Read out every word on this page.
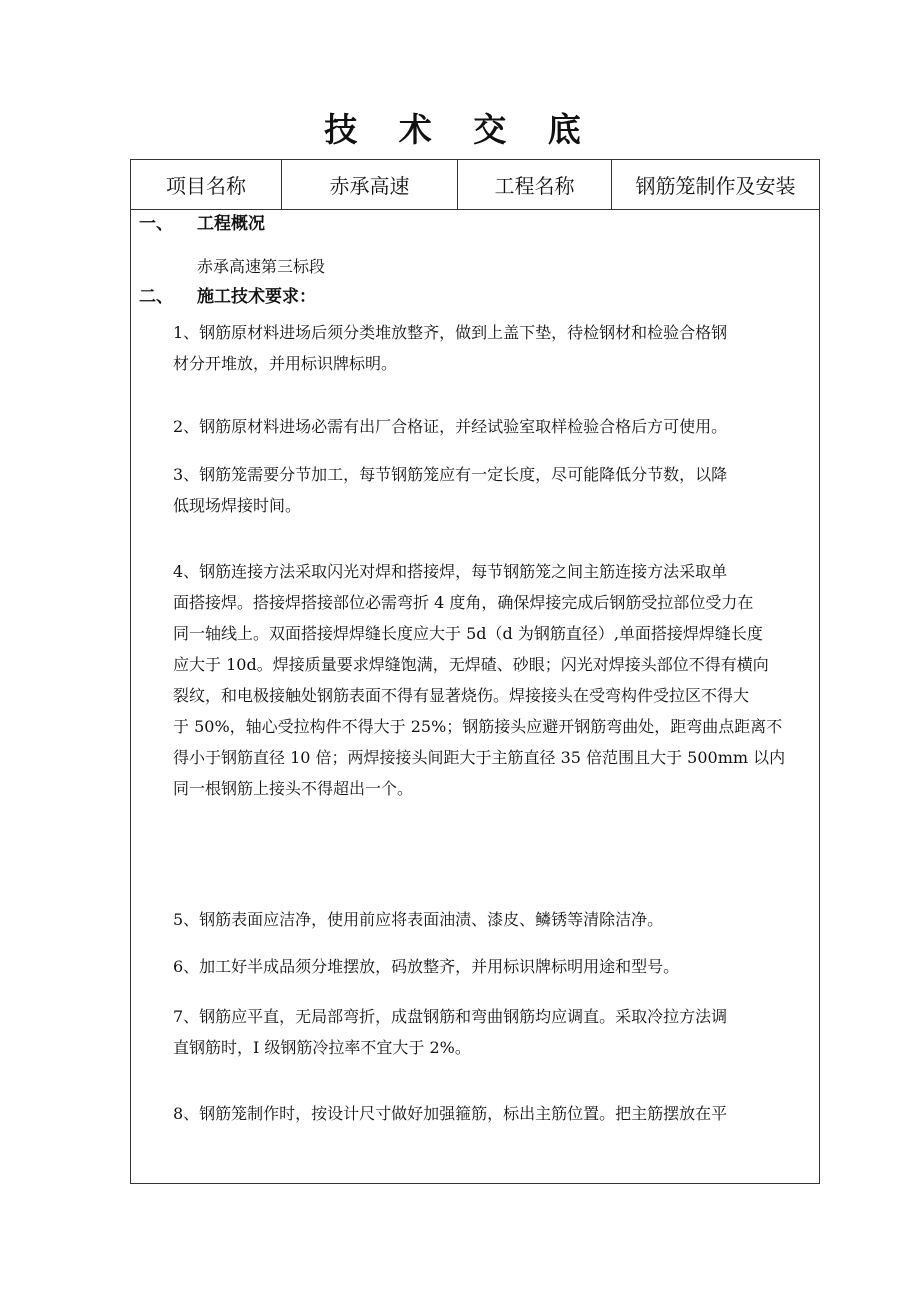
技 术 交 底
项目名称	赤承高速	工程名称	钢筋笼制作及安装
一、 工程概况
赤承高速第三标段
二、 施工技术要求：
1、钢筋原材料进场后须分类堆放整齐，做到上盖下垫，待检钢材和检验合格钢
材分开堆放，并用标识牌标明。
2、钢筋原材料进场必需有出厂合格证，并经试验室取样检验合格后方可使用。
3、钢筋笼需要分节加工，每节钢筋笼应有一定长度，尽可能降低分节数，以降
低现场焊接时间。
4、钢筋连接方法采取闪光对焊和搭接焊，每节钢筋笼之间主筋连接方法采取单
面搭接焊。搭接焊搭接部位必需弯折 4 度角，确保焊接完成后钢筋受拉部位受力在
同一轴线上。双面搭接焊焊缝长度应大于 5d（d 为钢筋直径）,单面搭接焊焊缝长度
应大于 10d。焊接质量要求焊缝饱满，无焊碴、砂眼；闪光对焊接头部位不得有横向
裂纹，和电极接触处钢筋表面不得有显著烧伤。焊接接头在受弯构件受拉区不得大
于 50%，轴心受拉构件不得大于 25%；钢筋接头应避开钢筋弯曲处，距弯曲点距离不
得小于钢筋直径 10 倍；两焊接接头间距大于主筋直径 35 倍范围且大于 500mm 以内
同一根钢筋上接头不得超出一个。
5、钢筋表面应洁净，使用前应将表面油渍、漆皮、鳞锈等清除洁净。
6、加工好半成品须分堆摆放，码放整齐，并用标识牌标明用途和型号。
7、钢筋应平直，无局部弯折，成盘钢筋和弯曲钢筋均应调直。采取冷拉方法调
直钢筋时，I 级钢筋冷拉率不宜大于 2%。
8、钢筋笼制作时，按设计尺寸做好加强箍筋，标出主筋位置。把主筋摆放在平
